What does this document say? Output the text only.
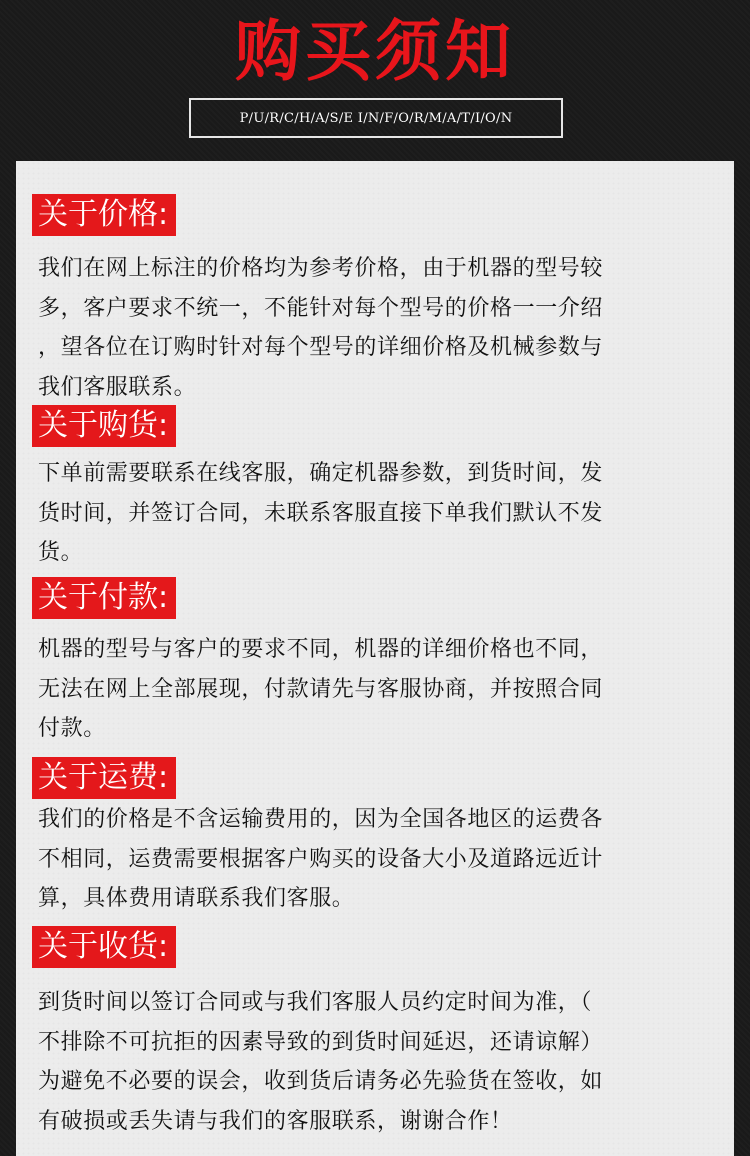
购买须知
P/U/R/C/H/A/S/E I/N/F/O/R/M/A/T/I/O/N
关于价格:
我们在网上标注的价格均为参考价格，由于机器的型号较
多，客户要求不统一，不能针对每个型号的价格一一介绍
，望各位在订购时针对每个型号的详细价格及机械参数与
我们客服联系。
关于购货:
下单前需要联系在线客服，确定机器参数，到货时间，发
货时间，并签订合同，未联系客服直接下单我们默认不发
货。
关于付款:
机器的型号与客户的要求不同，机器的详细价格也不同，
无法在网上全部展现，付款请先与客服协商，并按照合同
付款。
关于运费:
我们的价格是不含运输费用的，因为全国各地区的运费各
不相同，运费需要根据客户购买的设备大小及道路远近计
算，具体费用请联系我们客服。
关于收货:
到货时间以签订合同或与我们客服人员约定时间为准，（
不排除不可抗拒的因素导致的到货时间延迟，还请谅解）
为避免不必要的误会，收到货后请务必先验货在签收，如
有破损或丢失请与我们的客服联系，谢谢合作！
